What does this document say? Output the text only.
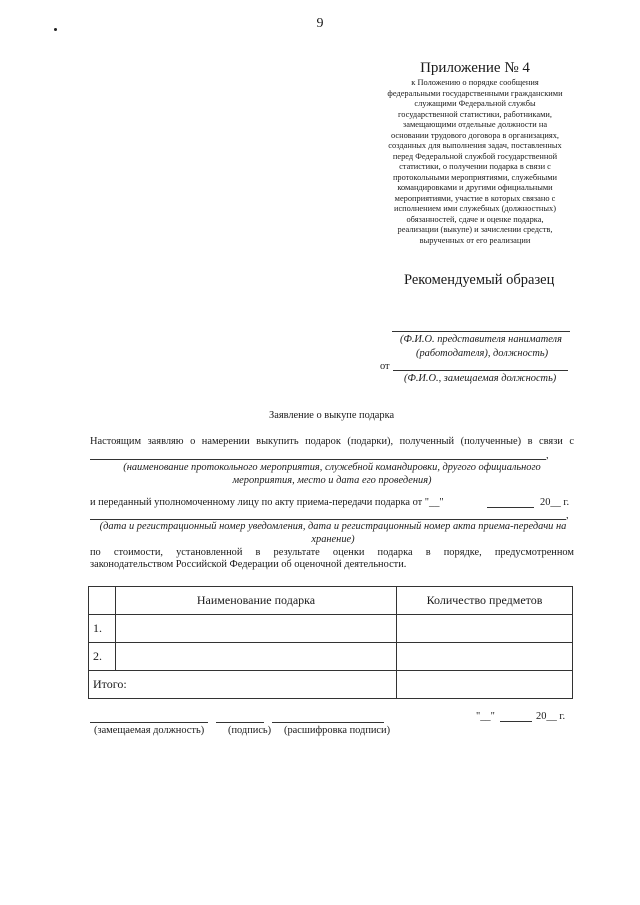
9
Приложение № 4
к Положению о порядке сообщения федеральными государственными гражданскими служащими Федеральной службы государственной статистики, работниками, замещающими отдельные должности на основании трудового договора в организациях, созданных для выполнения задач, поставленных перед Федеральной службой государственной статистики, о получении подарка в связи с протокольными мероприятиями, служебными командировками и другими официальными мероприятиями, участие в которых связано с исполнением ими служебных (должностных) обязанностей, сдаче и оценке подарка, реализации (выкупе) и зачислении средств, вырученных от его реализации
Рекомендуемый образец
(Ф.И.О. представителя нанимателя
(работодателя), должность)
от
(Ф.И.О., замещаемая должность)
Заявление о выкупе подарка
Настоящим заявляю о намерении выкупить подарок (подарки), полученный (полученные) в связи с
,
(наименование протокольного мероприятия, служебной командировки, другого официального
мероприятия, место и дата его проведения)
и переданный уполномоченному лицу по акту приема-передачи подарка от "__"	20__ г.
,
(дата и регистрационный номер уведомления, дата и регистрационный номер акта приема-передачи на
хранение)
по стоимости, установленной в результате оценки подарка в порядке, предусмотренном
законодательством Российской Федерации об оценочной деятельности.
	Наименование подарка	Количество предметов
1.		
2.		
Итого:		
(замещаемая должность) (подпись) (расшифровка подписи)
"__"	20__ г.
